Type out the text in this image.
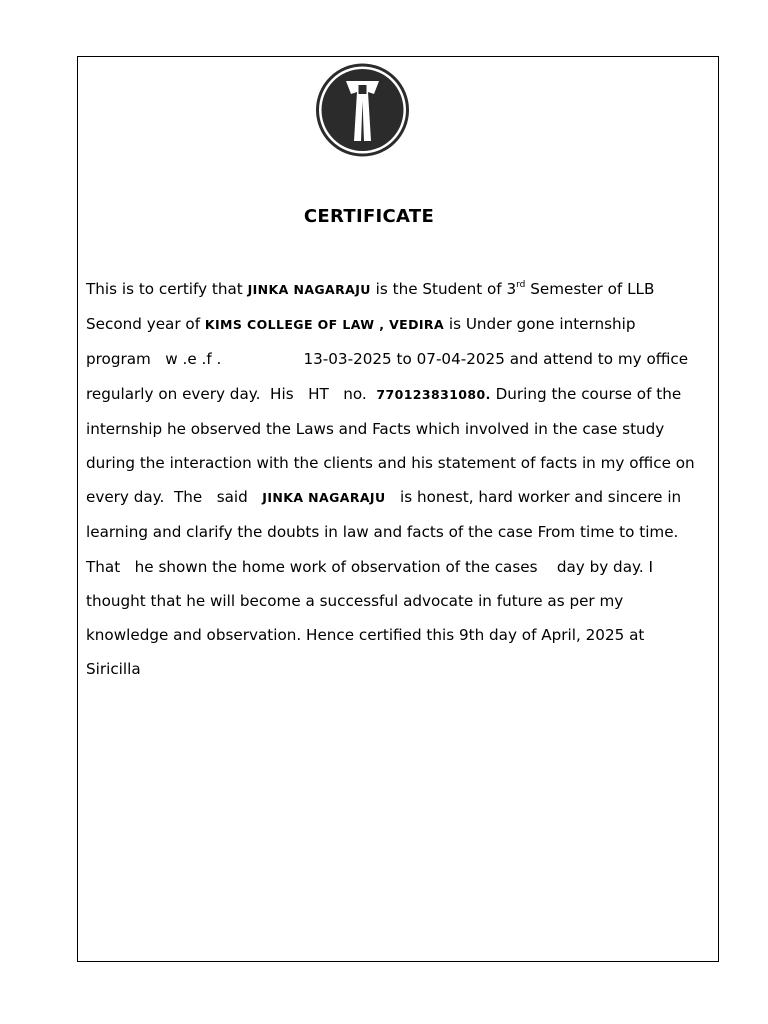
CERTIFICATE
This is to certify that JINKA NAGARAJU is the Student of 3rd Semester of LLB
Second year of KIMS COLLEGE OF LAW , VEDIRA is Under gone internship
program   w .e .f .                 13-03-2025 to 07-04-2025 and attend to my office
regularly on every day.  His   HT   no.  770123831080. During the course of the
internship he observed the Laws and Facts which involved in the case study
during the interaction with the clients and his statement of facts in my office on
every day.  The   said   JINKA NAGARAJU   is honest, hard worker and sincere in
learning and clarify the doubts in law and facts of the case From time to time.
That   he shown the home work of observation of the cases    day by day. I
thought that he will become a successful advocate in future as per my
knowledge and observation. Hence certified this 9th day of April, 2025 at
Siricilla
